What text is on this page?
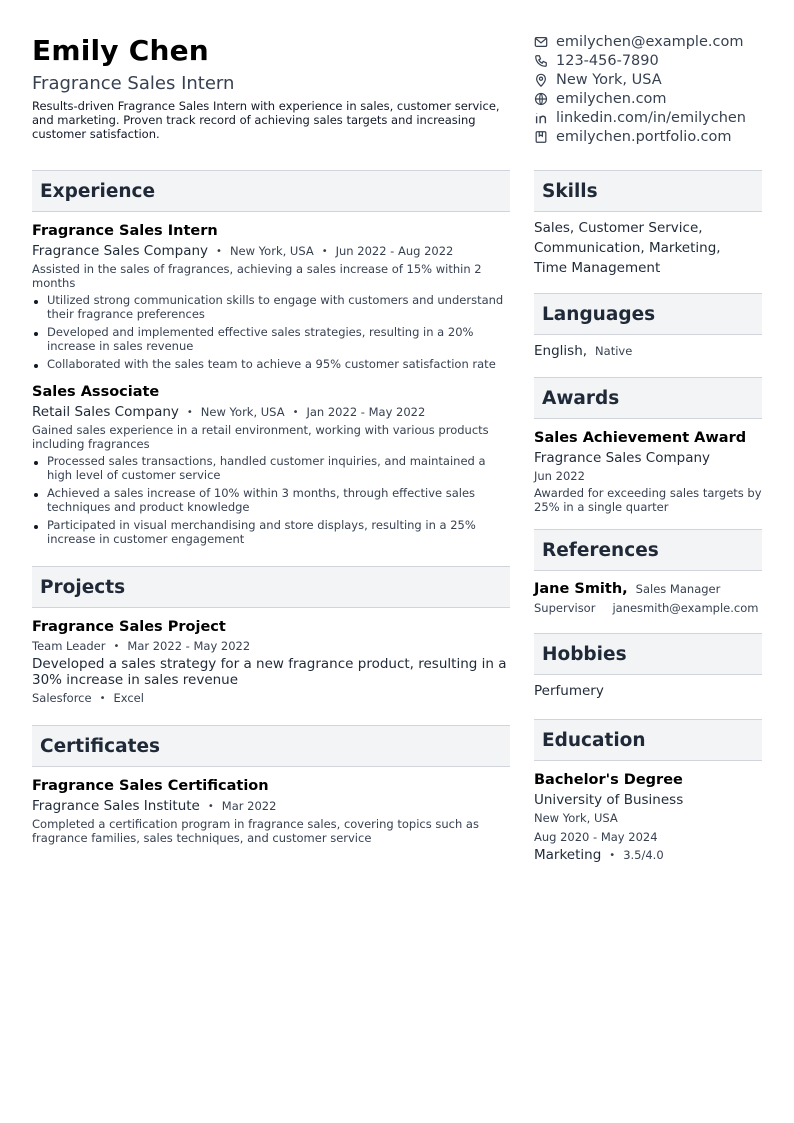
Emily Chen
Fragrance Sales Intern
Results-driven Fragrance Sales Intern with experience in sales, customer service, and marketing. Proven track record of achieving sales targets and increasing customer satisfaction.
emilychen@example.com
123-456-7890
New York, USA
emilychen.com
linkedin.com/in/emilychen
emilychen.portfolio.com
Experience
Fragrance Sales Intern
Fragrance Sales Company • New York, USA • Jun 2022 - Aug 2022
Assisted in the sales of fragrances, achieving a sales increase of 15% within 2 months
Utilized strong communication skills to engage with customers and understand their fragrance preferences
Developed and implemented effective sales strategies, resulting in a 20% increase in sales revenue
Collaborated with the sales team to achieve a 95% customer satisfaction rate
Sales Associate
Retail Sales Company • New York, USA • Jan 2022 - May 2022
Gained sales experience in a retail environment, working with various products including fragrances
Processed sales transactions, handled customer inquiries, and maintained a high level of customer service
Achieved a sales increase of 10% within 3 months, through effective sales techniques and product knowledge
Participated in visual merchandising and store displays, resulting in a 25% increase in customer engagement
Projects
Fragrance Sales Project
Team Leader • Mar 2022 - May 2022
Developed a sales strategy for a new fragrance product, resulting in a 30% increase in sales revenue
Salesforce • Excel
Certificates
Fragrance Sales Certification
Fragrance Sales Institute • Mar 2022
Completed a certification program in fragrance sales, covering topics such as fragrance families, sales techniques, and customer service
Skills
Sales, Customer Service,
Communication, Marketing,
Time Management
Languages
English, Native
Awards
Sales Achievement Award
Fragrance Sales Company
Jun 2022
Awarded for exceeding sales targets by 25% in a single quarter
References
Jane Smith, Sales Manager
Supervisor janesmith@example.com
Hobbies
Perfumery
Education
Bachelor's Degree
University of Business
New York, USA
Aug 2020 - May 2024
Marketing • 3.5/4.0
